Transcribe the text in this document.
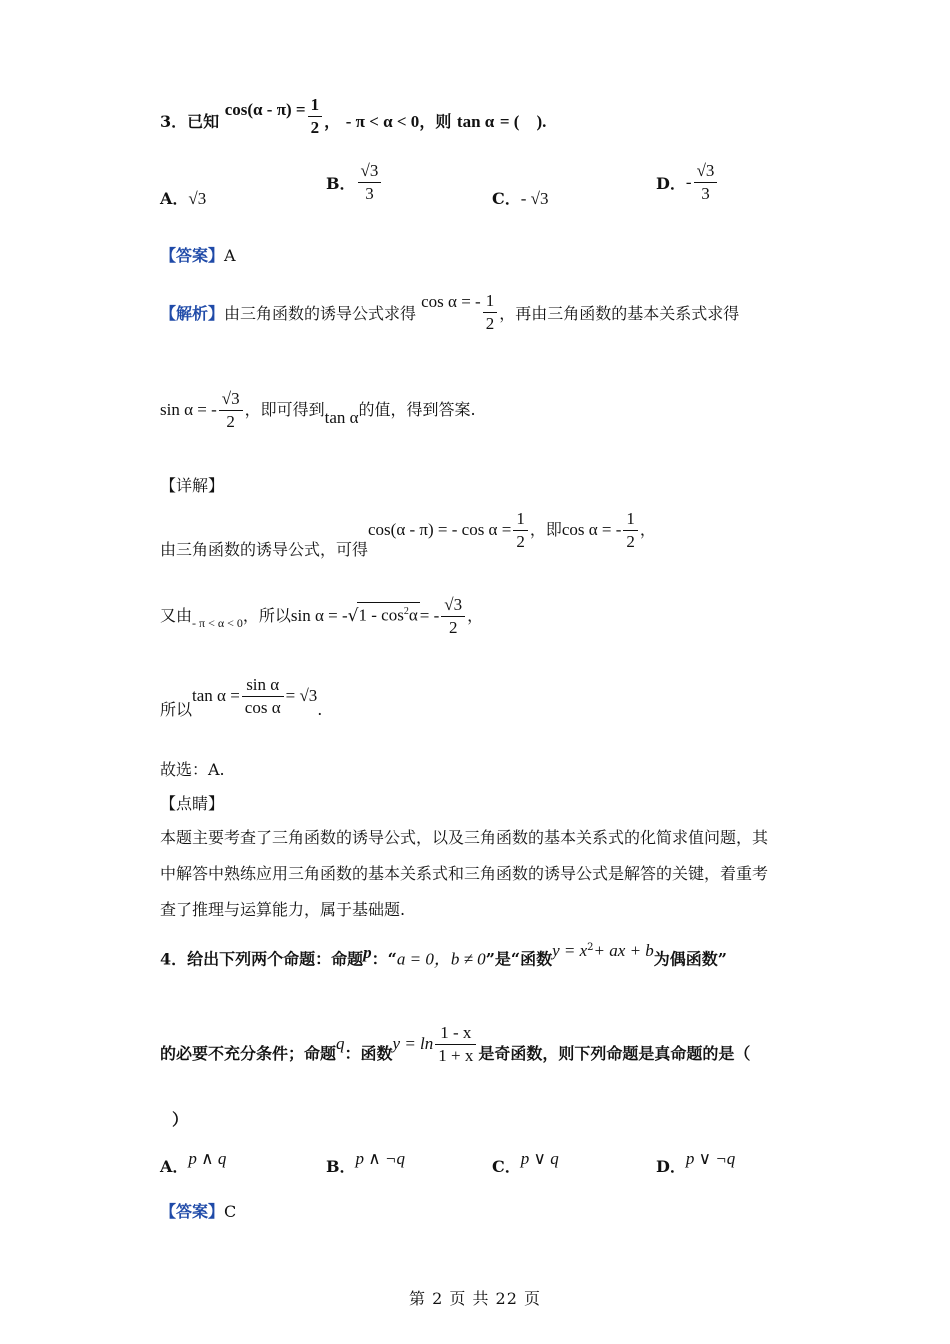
3．已知 $\cos(\alpha - \pi) = \frac{1}{2}$ ， - π < α < 0，则 tan α = (　).
A．√3
B． $\frac{√3}{3}$	C．- √3
D．- $\frac{√3}{3}$
【答案】A
【解析】由三角函数的诱导公式求得 cos α = - $\frac{1}{2}$ ，再由三角函数的基本关系式求得
sin α = - $\frac{√3}{2}$ ，即可得到tan α的值，得到答案.
【详解】
由三角函数的诱导公式，可得cos(α - π) = - $\cos \alpha = \frac{1}{2}$ ，即cos α = - $\frac{1}{2}$ ，
又由$_{- \pi < \alpha < 0}$，所以$\sin \alpha = -√1 - \cos^2\alpha$ = - $\frac{√3}{2}$ ，
所以$\tan \alpha = \frac{\text{sin α}}{\text{cos α}} = √3$.
故选：A.
【点睛】
本题主要考查了三角函数的诱导公式，以及三角函数的基本关系式的化简求值问题，其
中解答中熟练应用三角函数的基本关系式和三角函数的诱导公式是解答的关键，着重考
查了推理与运算能力，属于基础题.
4．给出下列两个命题：命题p：“a = 0，b ≠ 0”是“函数$y = x^2+$ ax + b为偶函数”
的必要不充分条件；命题q：函数$y = \ln \frac{1 - x}{1 + x}$ 是奇函数，则下列命题是真命题的是（
）
A．p ∧ q	B．p ∧ ¬q	C．p ∨ q	D．p ∨ ¬q
【答案】C
第 2 页 共 22 页
